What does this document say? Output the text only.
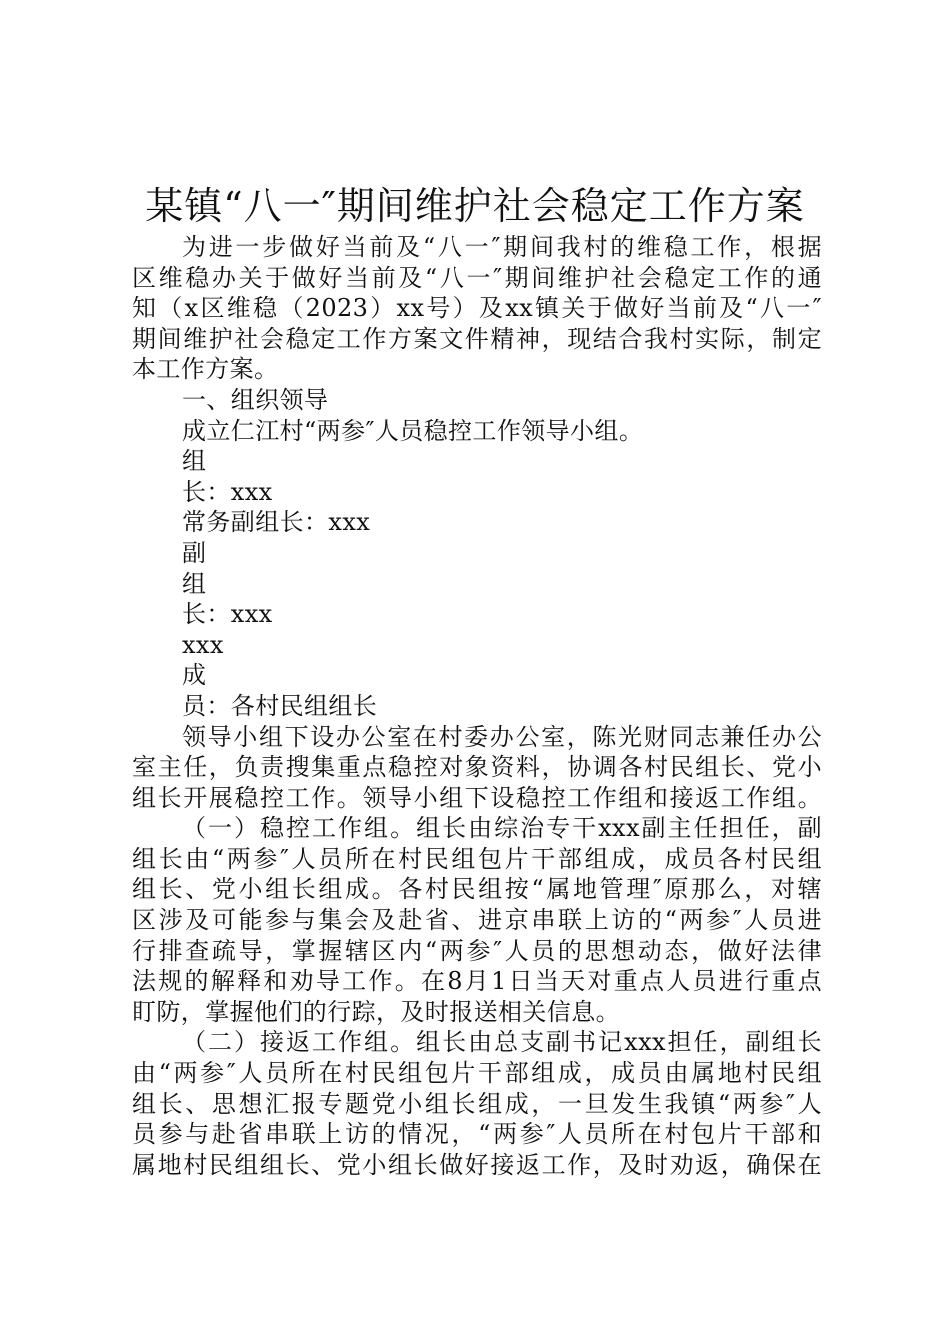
某镇“八一″期间维护社会稳定工作方案
为进一步做好当前及“八一″期间我村的维稳工作，根据
区维稳办关于做好当前及“八一″期间维护社会稳定工作的通
知（x区维稳（2023）xx号）及xx镇关于做好当前及“八一″
期间维护社会稳定工作方案文件精神，现结合我村实际，制定
本工作方案。
一、组织领导
成立仁江村“两参″人员稳控工作领导小组。
组
长：xxx
常务副组长：xxx
副
组
长：xxx
xxx
成
员：各村民组组长
领导小组下设办公室在村委办公室，陈光财同志兼任办公
室主任，负责搜集重点稳控对象资料，协调各村民组长、党小
组长开展稳控工作。领导小组下设稳控工作组和接返工作组。
（一）稳控工作组。组长由综治专干xxx副主任担任，副
组长由“两参″人员所在村民组包片干部组成，成员各村民组
组长、党小组长组成。各村民组按“属地管理″原那么，对辖
区涉及可能参与集会及赴省、进京串联上访的“两参″人员进
行排查疏导，掌握辖区内“两参″人员的思想动态，做好法律
法规的解释和劝导工作。在8月1日当天对重点人员进行重点
盯防，掌握他们的行踪，及时报送相关信息。
（二）接返工作组。组长由总支副书记xxx担任，副组长
由“两参″人员所在村民组包片干部组成，成员由属地村民组
组长、思想汇报专题党小组长组成，一旦发生我镇“两参″人
员参与赴省串联上访的情况，“两参″人员所在村包片干部和
属地村民组组长、党小组长做好接返工作，及时劝返，确保在
